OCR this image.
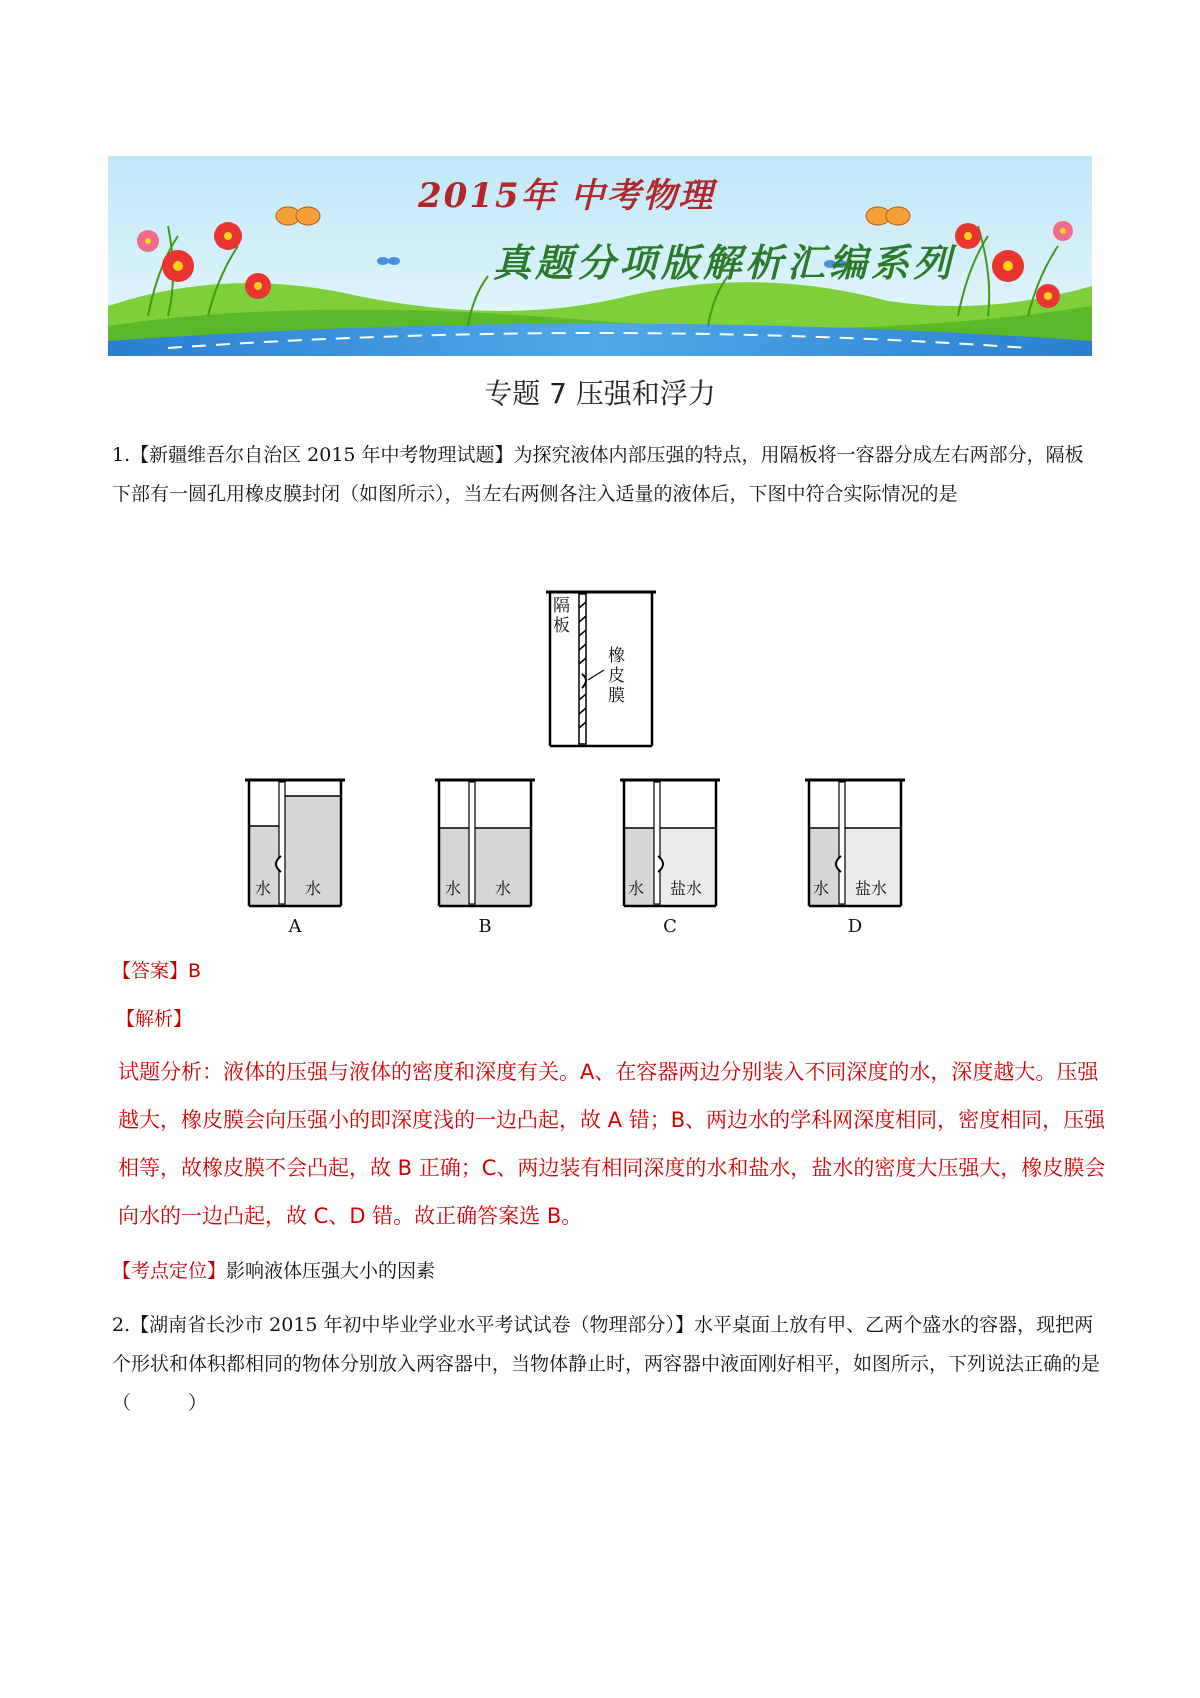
2015年 中考物理
真题分项版解析汇编系列
专题 7 压强和浮力
1.【新疆维吾尔自治区 2015 年中考物理试题】为探究液体内部压强的特点，用隔板将一容器分成左右两部分，隔板下部有一圆孔用橡皮膜封闭（如图所示），当左右两侧各注入适量的液体后，下图中符合实际情况的是
隔板
橡皮膜
水 水
A
水 水
B
水 盐水
C
水 盐水
D
【答案】B
【解析】
试题分析：液体的压强与液体的密度和深度有关。A、在容器两边分别装入不同深度的水，深度越大。压强越大，橡皮膜会向压强小的即深度浅的一边凸起，故 A 错；B、两边水的学科网深度相同，密度相同，压强相等，故橡皮膜不会凸起，故 B 正确；C、两边装有相同深度的水和盐水，盐水的密度大压强大，橡皮膜会向水的一边凸起，故 C、D 错。故正确答案选 B。
【考点定位】影响液体压强大小的因素
2.【湖南省长沙市 2015 年初中毕业学业水平考试试卷（物理部分）】水平桌面上放有甲、乙两个盛水的容器，现把两个形状和体积都相同的物体分别放入两容器中，当物体静止时，两容器中液面刚好相平，如图所示，下列说法正确的是（　　　）
